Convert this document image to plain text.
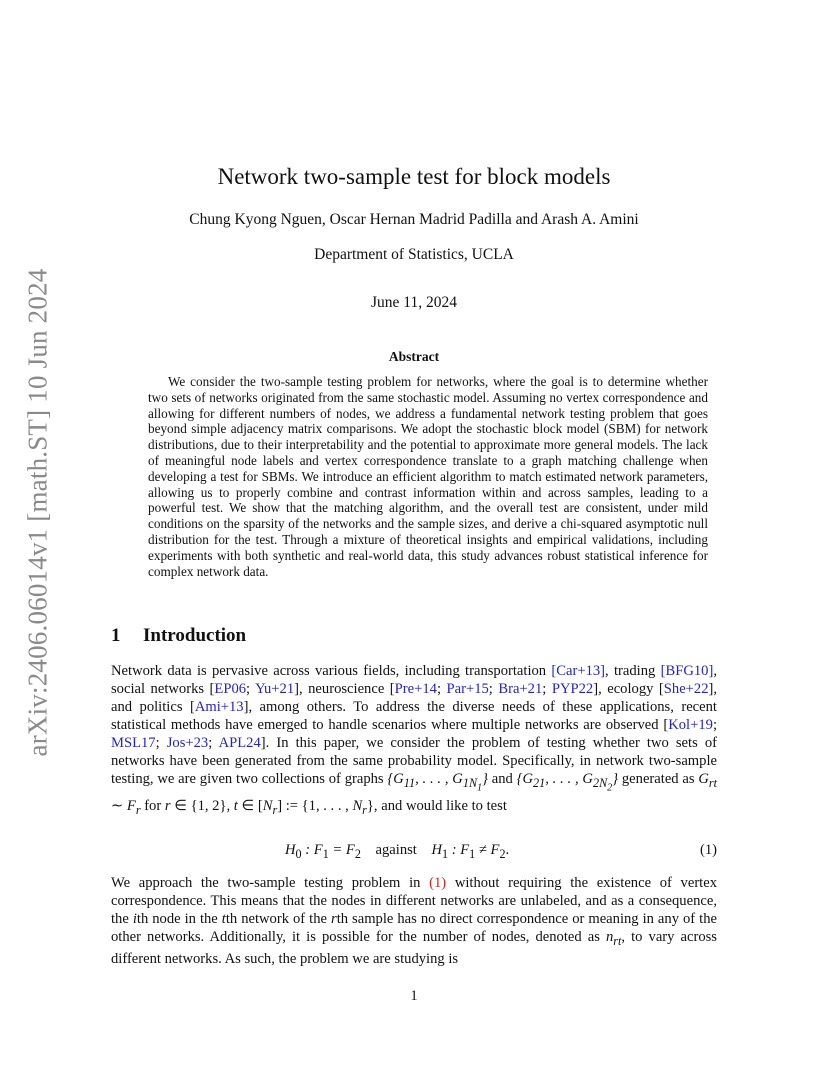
arXiv:2406.06014v1 [math.ST] 10 Jun 2024
Network two-sample test for block models
Chung Kyong Nguen, Oscar Hernan Madrid Padilla and Arash A. Amini
Department of Statistics, UCLA
June 11, 2024
Abstract

We consider the two-sample testing problem for networks, where the goal is to determine whether two sets of networks originated from the same stochastic model. Assuming no vertex correspondence and allowing for different numbers of nodes, we address a fundamental network testing problem that goes beyond simple adjacency matrix comparisons. We adopt the stochastic block model (SBM) for network distributions, due to their interpretability and the potential to approximate more general models. The lack of meaningful node labels and vertex correspondence translate to a graph matching challenge when developing a test for SBMs. We introduce an efficient algorithm to match estimated network parameters, allowing us to properly combine and contrast information within and across samples, leading to a powerful test. We show that the matching algorithm, and the overall test are consistent, under mild conditions on the sparsity of the networks and the sample sizes, and derive a chi-squared asymptotic null distribution for the test. Through a mixture of theoretical insights and empirical validations, including experiments with both synthetic and real-world data, this study advances robust statistical inference for complex network data.

1 Introduction

Network data is pervasive across various fields, including transportation [Car+13], trading [BFG10], social networks [EP06; Yu+21], neuroscience [Pre+14; Par+15; Bra+21; PYP22], ecology [She+22], and politics [Ami+13], among others. To address the diverse needs of these applications, recent statistical methods have emerged to handle scenarios where multiple networks are observed [Kol+19; MSL17; Jos+23; APL24]. In this paper, we consider the problem of testing whether two sets of networks have been generated from the same probability model. Specifically, in network two-sample testing, we are given two collections of graphs {$G_{11}$, . . . , $G_{1N_1}$} and {$G_{21}$, . . . , $G_{2N_2}$} generated as $G_{rt}$ ∼ $F_r$ for r ∈ {1, 2}, t ∈ $[N_r]$ := {1, . . . , $N_r$}, and would like to test

$H_0$ : $F_1 = F_2$ against $H_1$ : $F_1 \ne F_2$.	(1)

We approach the two-sample testing problem in (1) without requiring the existence of vertex correspondence. This means that the nodes in different networks are unlabeled, and as a consequence, the ith node in the tth network of the rth sample has no direct correspondence or meaning in any of the other networks. Additionally, it is possible for the number of nodes, denoted as $n_{rt}$, to vary across different networks. As such, the problem we are studying is

1
